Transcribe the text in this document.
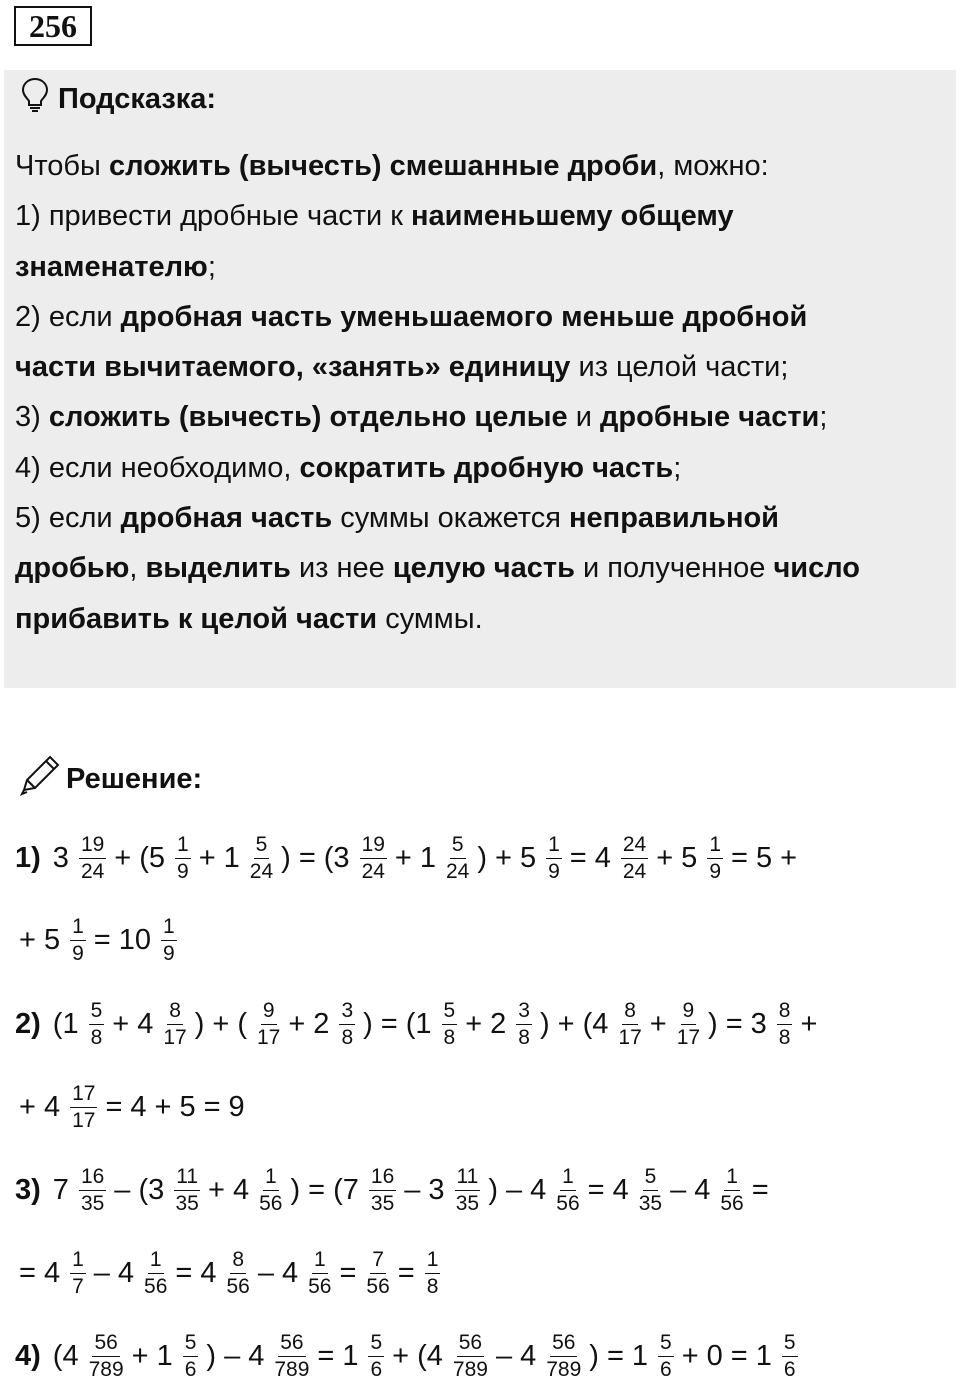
256
Подсказка:
Чтобы сложить (вычесть) смешанные дроби, можно:
1) привести дробные части к наименьшему общему
знаменателю;
2) если дробная часть уменьшаемого меньше дробной
части вычитаемого, «занять» единицу из целой части;
3) сложить (вычесть) отдельно целые и дробные части;
4) если необходимо, сократить дробную часть;
5) если дробная часть суммы окажется неправильной
дробью, выделить из нее целую часть и полученное число
прибавить к целой части суммы.
Решение:
1) $3 \frac{19}{24} + (5 \frac{1}{9} + 1 \frac{5}{24}$ ) = ($3 \frac{19}{24} + 1 \frac{5}{24}$ ) + $5 \frac{1}{9} = 4 \frac{24}{24} + 5 \frac{1}{9} = 5$ +
+ $5 \frac{1}{9} = 10 \frac{1}{9}$
2) ($1 \frac{5}{8} + 4 \frac{8}{17}$ ) + ( $\frac{9}{17} + 2 \frac{3}{8}$ ) = ($1 \frac{5}{8} + 2 \frac{3}{8}$ ) + ($4 \frac{8}{17} + \frac{9}{17}$ ) = $3 \frac{8}{8}$ +
+ $4 \frac{17}{17} = 4 + 5 = 9$
3) $7 \frac{16}{35} - (3 \frac{11}{35} + 4 \frac{1}{56}$ ) = ($7 \frac{16}{35} - 3 \frac{11}{35}$ ) – $4 \frac{1}{56} = 4 \frac{5}{35} - 4 \frac{1}{56}$ =
= $4 \frac{1}{7} - 4 \frac{1}{56} = 4 \frac{8}{56} - 4 \frac{1}{56} = \frac{7}{56} = \frac{1}{8}$
4) ($4 \frac{56}{789} + 1 \frac{5}{6}$ ) – $4 \frac{56}{789} = 1 \frac{5}{6} + (4 \frac{56}{789} - 4 \frac{56}{789}$ ) = $1 \frac{5}{6} + 0 = 1 \frac{5}{6}$
